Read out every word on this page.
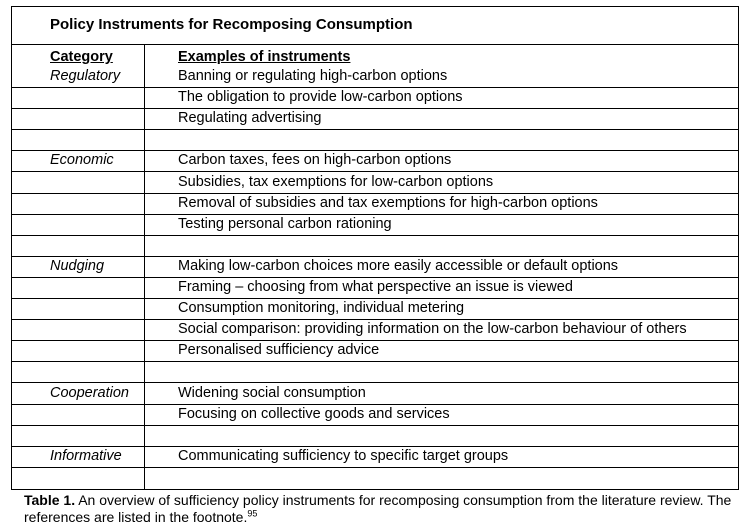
Policy Instruments for Recomposing Consumption
Category	Examples of instruments
Regulatory	Banning or regulating high-carbon options
The obligation to provide low-carbon options
Regulating advertising
Economic	Carbon taxes, fees on high-carbon options
Subsidies, tax exemptions for low-carbon options
Removal of subsidies and tax exemptions for high-carbon options
Testing personal carbon rationing
Nudging	Making low-carbon choices more easily accessible or default options
Framing – choosing from what perspective an issue is viewed
Consumption monitoring, individual metering
Social comparison: providing information on the low-carbon behaviour of others
Personalised sufficiency advice
Cooperation	Widening social consumption
Focusing on collective goods and services
Informative	Communicating sufficiency to specific target groups
Table 1. An overview of sufficiency policy instruments for recomposing consumption from the literature review. The references are listed in the footnote.$^{95}$
